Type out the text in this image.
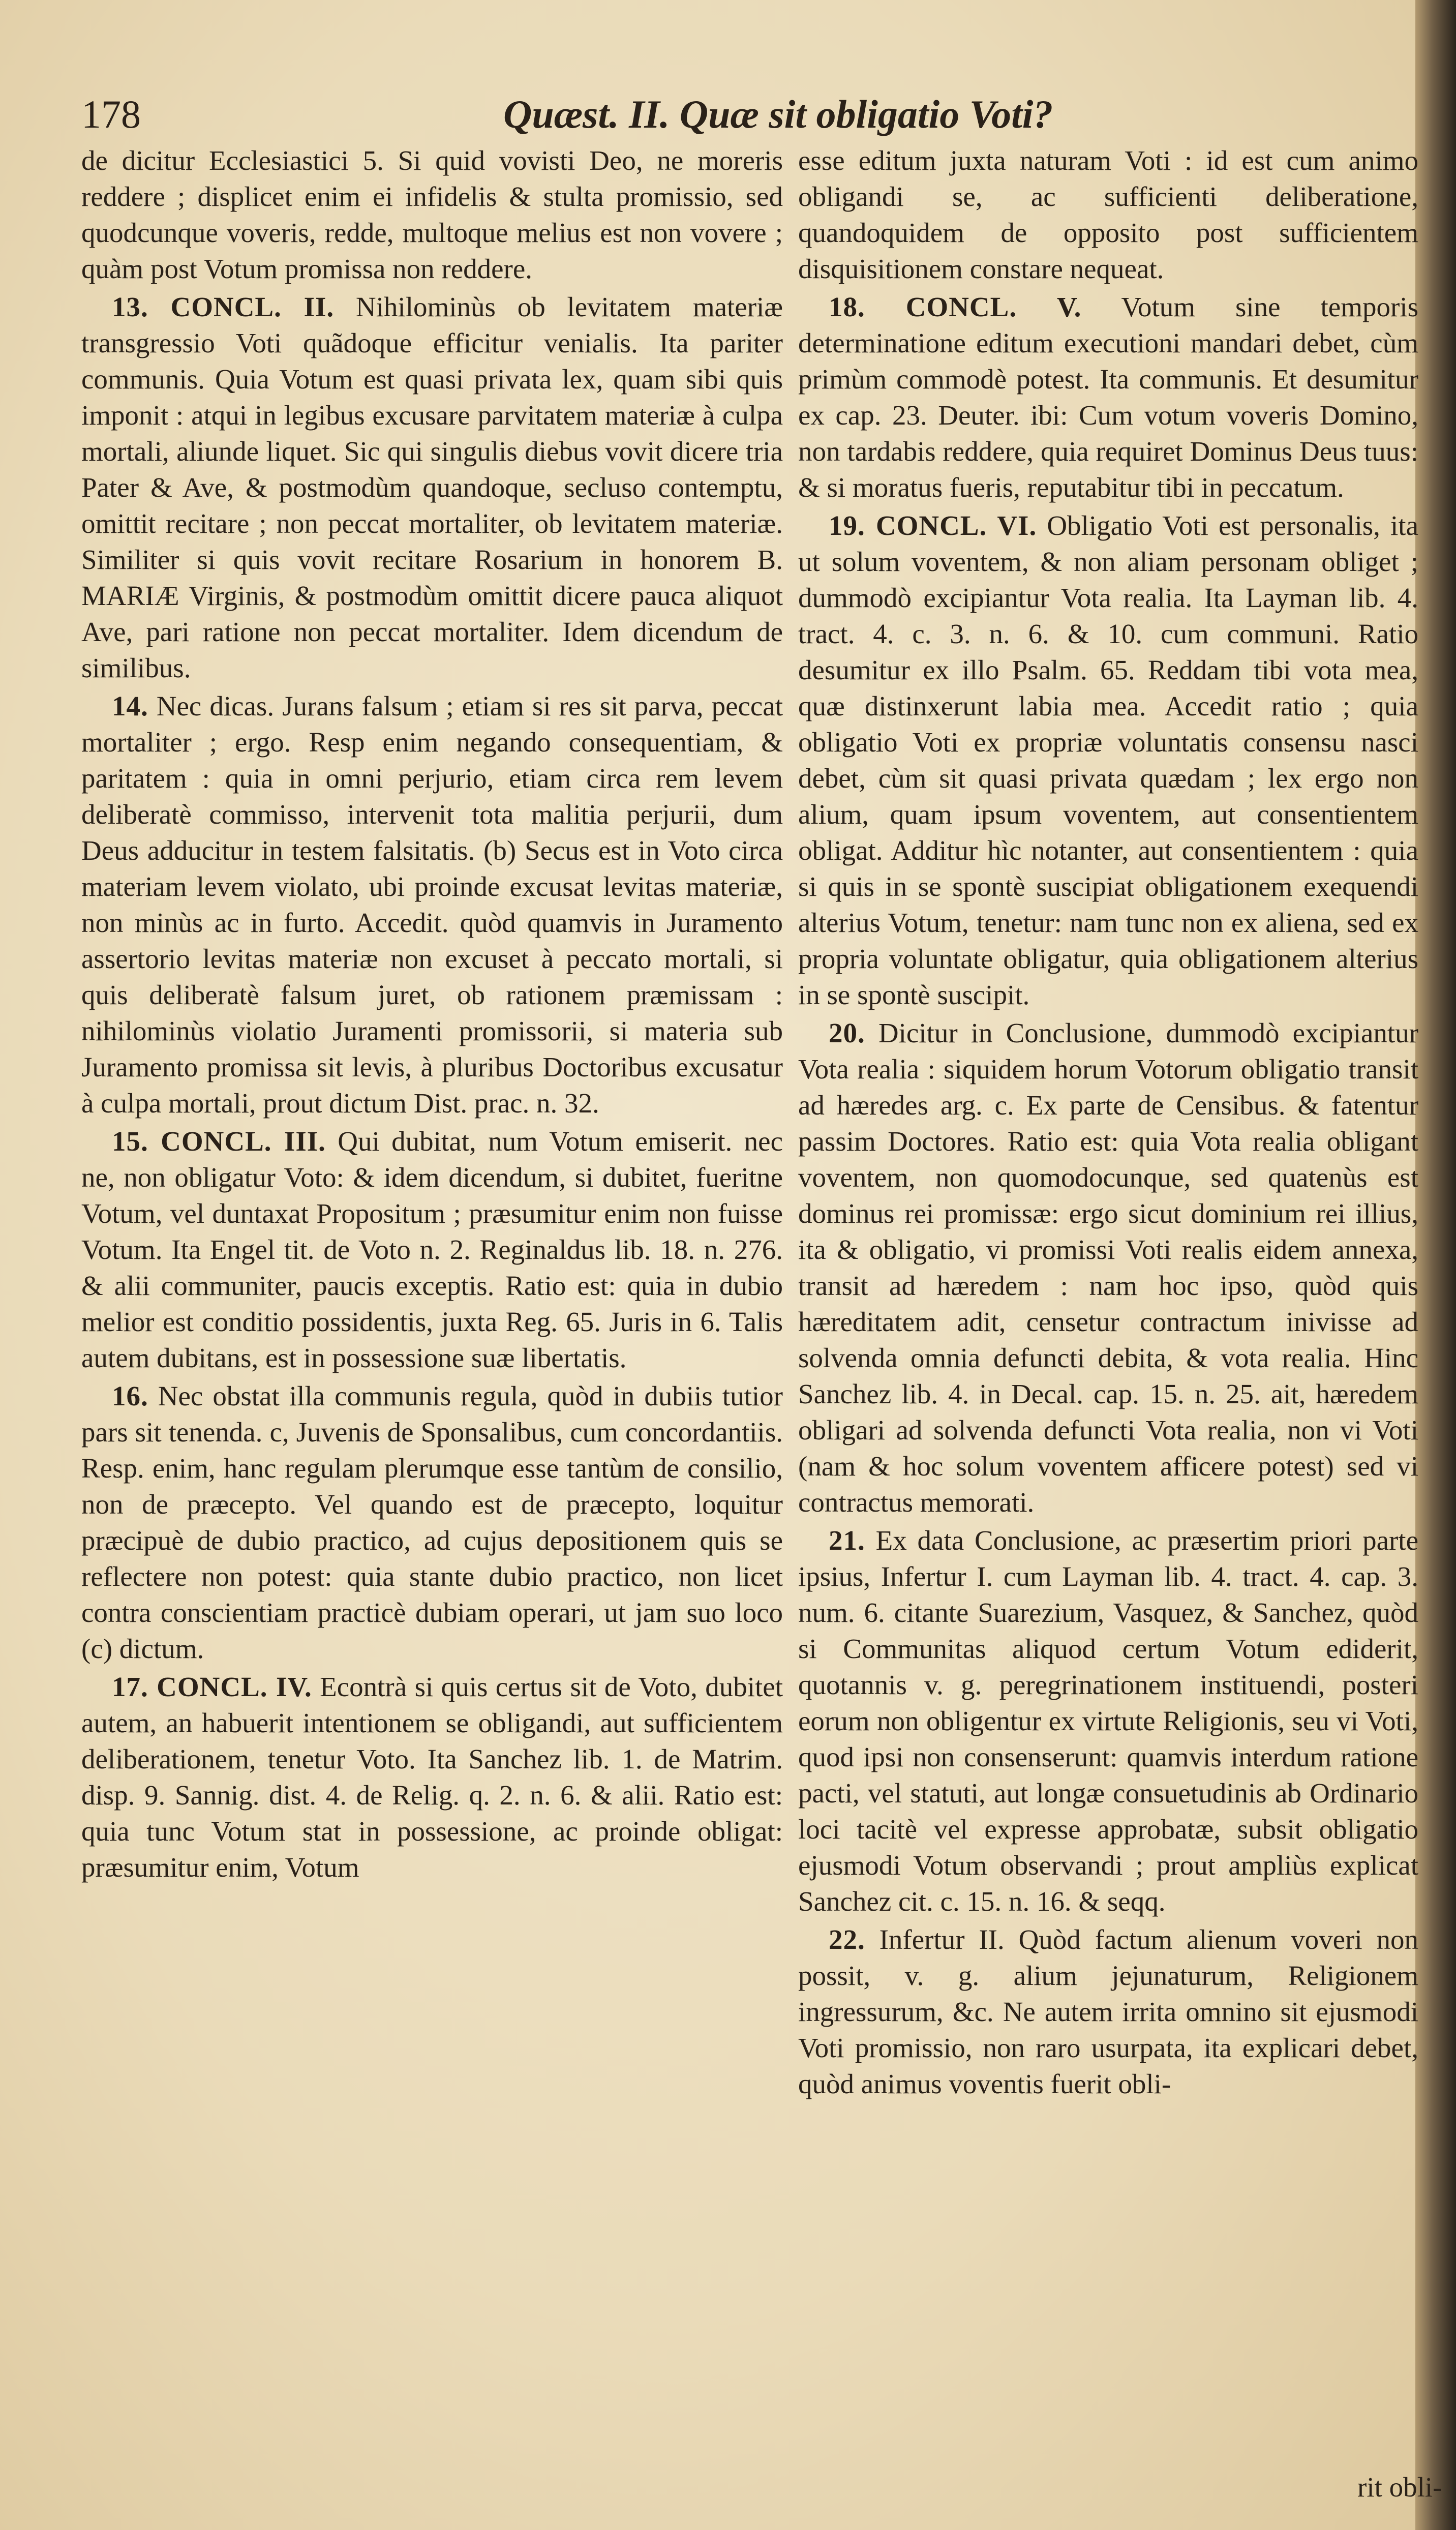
178	Quæst. II. Quæ sit obligatio Voti?

de dicitur Ecclesiastici 5. Si quid vovisti Deo, ne moreris reddere ; displicet enim ei infidelis & stulta promissio, sed quodcunque voveris, redde, multoque melius est non vovere ; quàm post Votum promissa non reddere.

13. CONCL. II. Nihilominùs ob levitatem materiæ transgressio Voti quãdoque efficitur venialis. Ita pariter communis. Quia Votum est quasi privata lex, quam sibi quis imponit : atqui in legibus excusare parvitatem materiæ à culpa mortali, aliunde liquet. Sic qui singulis diebus vovit dicere tria Pater & Ave, & postmodùm quandoque, secluso contemptu, omittit recitare ; non peccat mortaliter, ob levitatem materiæ. Similiter si quis vovit recitare Rosarium in honorem B. MARIÆ Virginis, & postmodùm omittit dicere pauca aliquot Ave, pari ratione non peccat mortaliter. Idem dicendum de similibus.

14. Nec dicas. Jurans falsum ; etiam si res sit parva, peccat mortaliter ; ergo. Resp enim negando consequentiam, & paritatem : quia in omni perjurio, etiam circa rem levem deliberatè commisso, intervenit tota malitia perjurii, dum Deus adducitur in testem falsitatis. (b) Secus est in Voto circa materiam levem violato, ubi proinde excusat levitas materiæ, non minùs ac in furto. Accedit. quòd quamvis in Juramento assertorio levitas materiæ non excuset à peccato mortali, si quis deliberatè falsum juret, ob rationem præmissam : nihilominùs violatio Juramenti promissorii, si materia sub Juramento promissa sit levis, à pluribus Doctoribus excusatur à culpa mortali, prout dictum Dist. prac. n. 32.

15. CONCL. III. Qui dubitat, num Votum emiserit. nec ne, non obligatur Voto: & idem dicendum, si dubitet, fueritne Votum, vel duntaxat Propositum ; præsumitur enim non fuisse Votum. Ita Engel tit. de Voto n. 2. Reginaldus lib. 18. n. 276. & alii communiter, paucis exceptis. Ratio est: quia in dubio melior est conditio possidentis, juxta Reg. 65. Juris in 6. Talis autem dubitans, est in possessione suæ libertatis.

16. Nec obstat illa communis regula, quòd in dubiis tutior pars sit tenenda. c, Juvenis de Sponsalibus, cum concordantiis. Resp. enim, hanc regulam plerumque esse tantùm de consilio, non de præcepto. Vel quando est de præcepto, loquitur præcipuè de dubio practico, ad cujus depositionem quis se reflectere non potest: quia stante dubio practico, non licet contra conscientiam practicè dubiam operari, ut jam suo loco (c) dictum.

17. CONCL. IV. Econtrà si quis certus sit de Voto, dubitet autem, an habuerit intentionem se obligandi, aut sufficientem deliberationem, tenetur Voto. Ita Sanchez lib. 1. de Matrim. disp. 9. Sannig. dist. 4. de Relig. q. 2. n. 6. & alii. Ratio est: quia tunc Votum stat in possessione, ac proinde obligat: præsumitur enim, Votum

esse editum juxta naturam Voti : id est cum animo obligandi se, ac sufficienti deliberatione, quandoquidem de opposito post sufficientem disquisitionem constare nequeat.

18. CONCL. V. Votum sine temporis determinatione editum executioni mandari debet, cùm primùm commodè potest. Ita communis. Et desumitur ex cap. 23. Deuter. ibi: Cum votum voveris Domino, non tardabis reddere, quia requiret Dominus Deus tuus: & si moratus fueris, reputabitur tibi in peccatum.

19. CONCL. VI. Obligatio Voti est personalis, ita ut solum voventem, & non aliam personam obliget ; dummodò excipiantur Vota realia. Ita Layman lib. 4. tract. 4. c. 3. n. 6. & 10. cum communi. Ratio desumitur ex illo Psalm. 65. Reddam tibi vota mea, quæ distinxerunt labia mea. Accedit ratio ; quia obligatio Voti ex propriæ voluntatis consensu nasci debet, cùm sit quasi privata quædam ; lex ergo non alium, quam ipsum voventem, aut consentientem obligat. Additur hìc notanter, aut consentientem : quia si quis in se spontè suscipiat obligationem exequendi alterius Votum, tenetur: nam tunc non ex aliena, sed ex propria voluntate obligatur, quia obligationem alterius in se spontè suscipit.

20. Dicitur in Conclusione, dummodò excipiantur Vota realia : siquidem horum Votorum obligatio transit ad hæredes arg. c. Ex parte de Censibus. & fatentur passim Doctores. Ratio est: quia Vota realia obligant voventem, non quomodocunque, sed quatenùs est dominus rei promissæ: ergo sicut dominium rei illius, ita & obligatio, vi promissi Voti realis eidem annexa, transit ad hæredem : nam hoc ipso, quòd quis hæreditatem adit, censetur contractum inivisse ad solvenda omnia defuncti debita, & vota realia. Hinc Sanchez lib. 4. in Decal. cap. 15. n. 25. ait, hæredem obligari ad solvenda defuncti Vota realia, non vi Voti (nam & hoc solum voventem afficere potest) sed vi contractus memorati.

21. Ex data Conclusione, ac præsertim priori parte ipsius, Infertur I. cum Layman lib. 4. tract. 4. cap. 3. num. 6. citante Suarezium, Vasquez, & Sanchez, quòd si Communitas aliquod certum Votum ediderit, quotannis v. g. peregrinationem instituendi, posteri eorum non obligentur ex virtute Religionis, seu vi Voti, quod ipsi non consenserunt: quamvis interdum ratione pacti, vel statuti, aut longæ consuetudinis ab Ordinario loci tacitè vel expresse approbatæ, subsit obligatio ejusmodi Votum observandi ; prout ampliùs explicat Sanchez cit. c. 15. n. 16. & seqq.

22. Infertur II. Quòd factum alienum voveri non possit, v. g. alium jejunaturum, Religionem ingressurum, &c. Ne autem irrita omnino sit ejusmodi Voti promissio, non raro usurpata, ita explicari debet, quòd animus voventis fuerit obli-

rit obli-
